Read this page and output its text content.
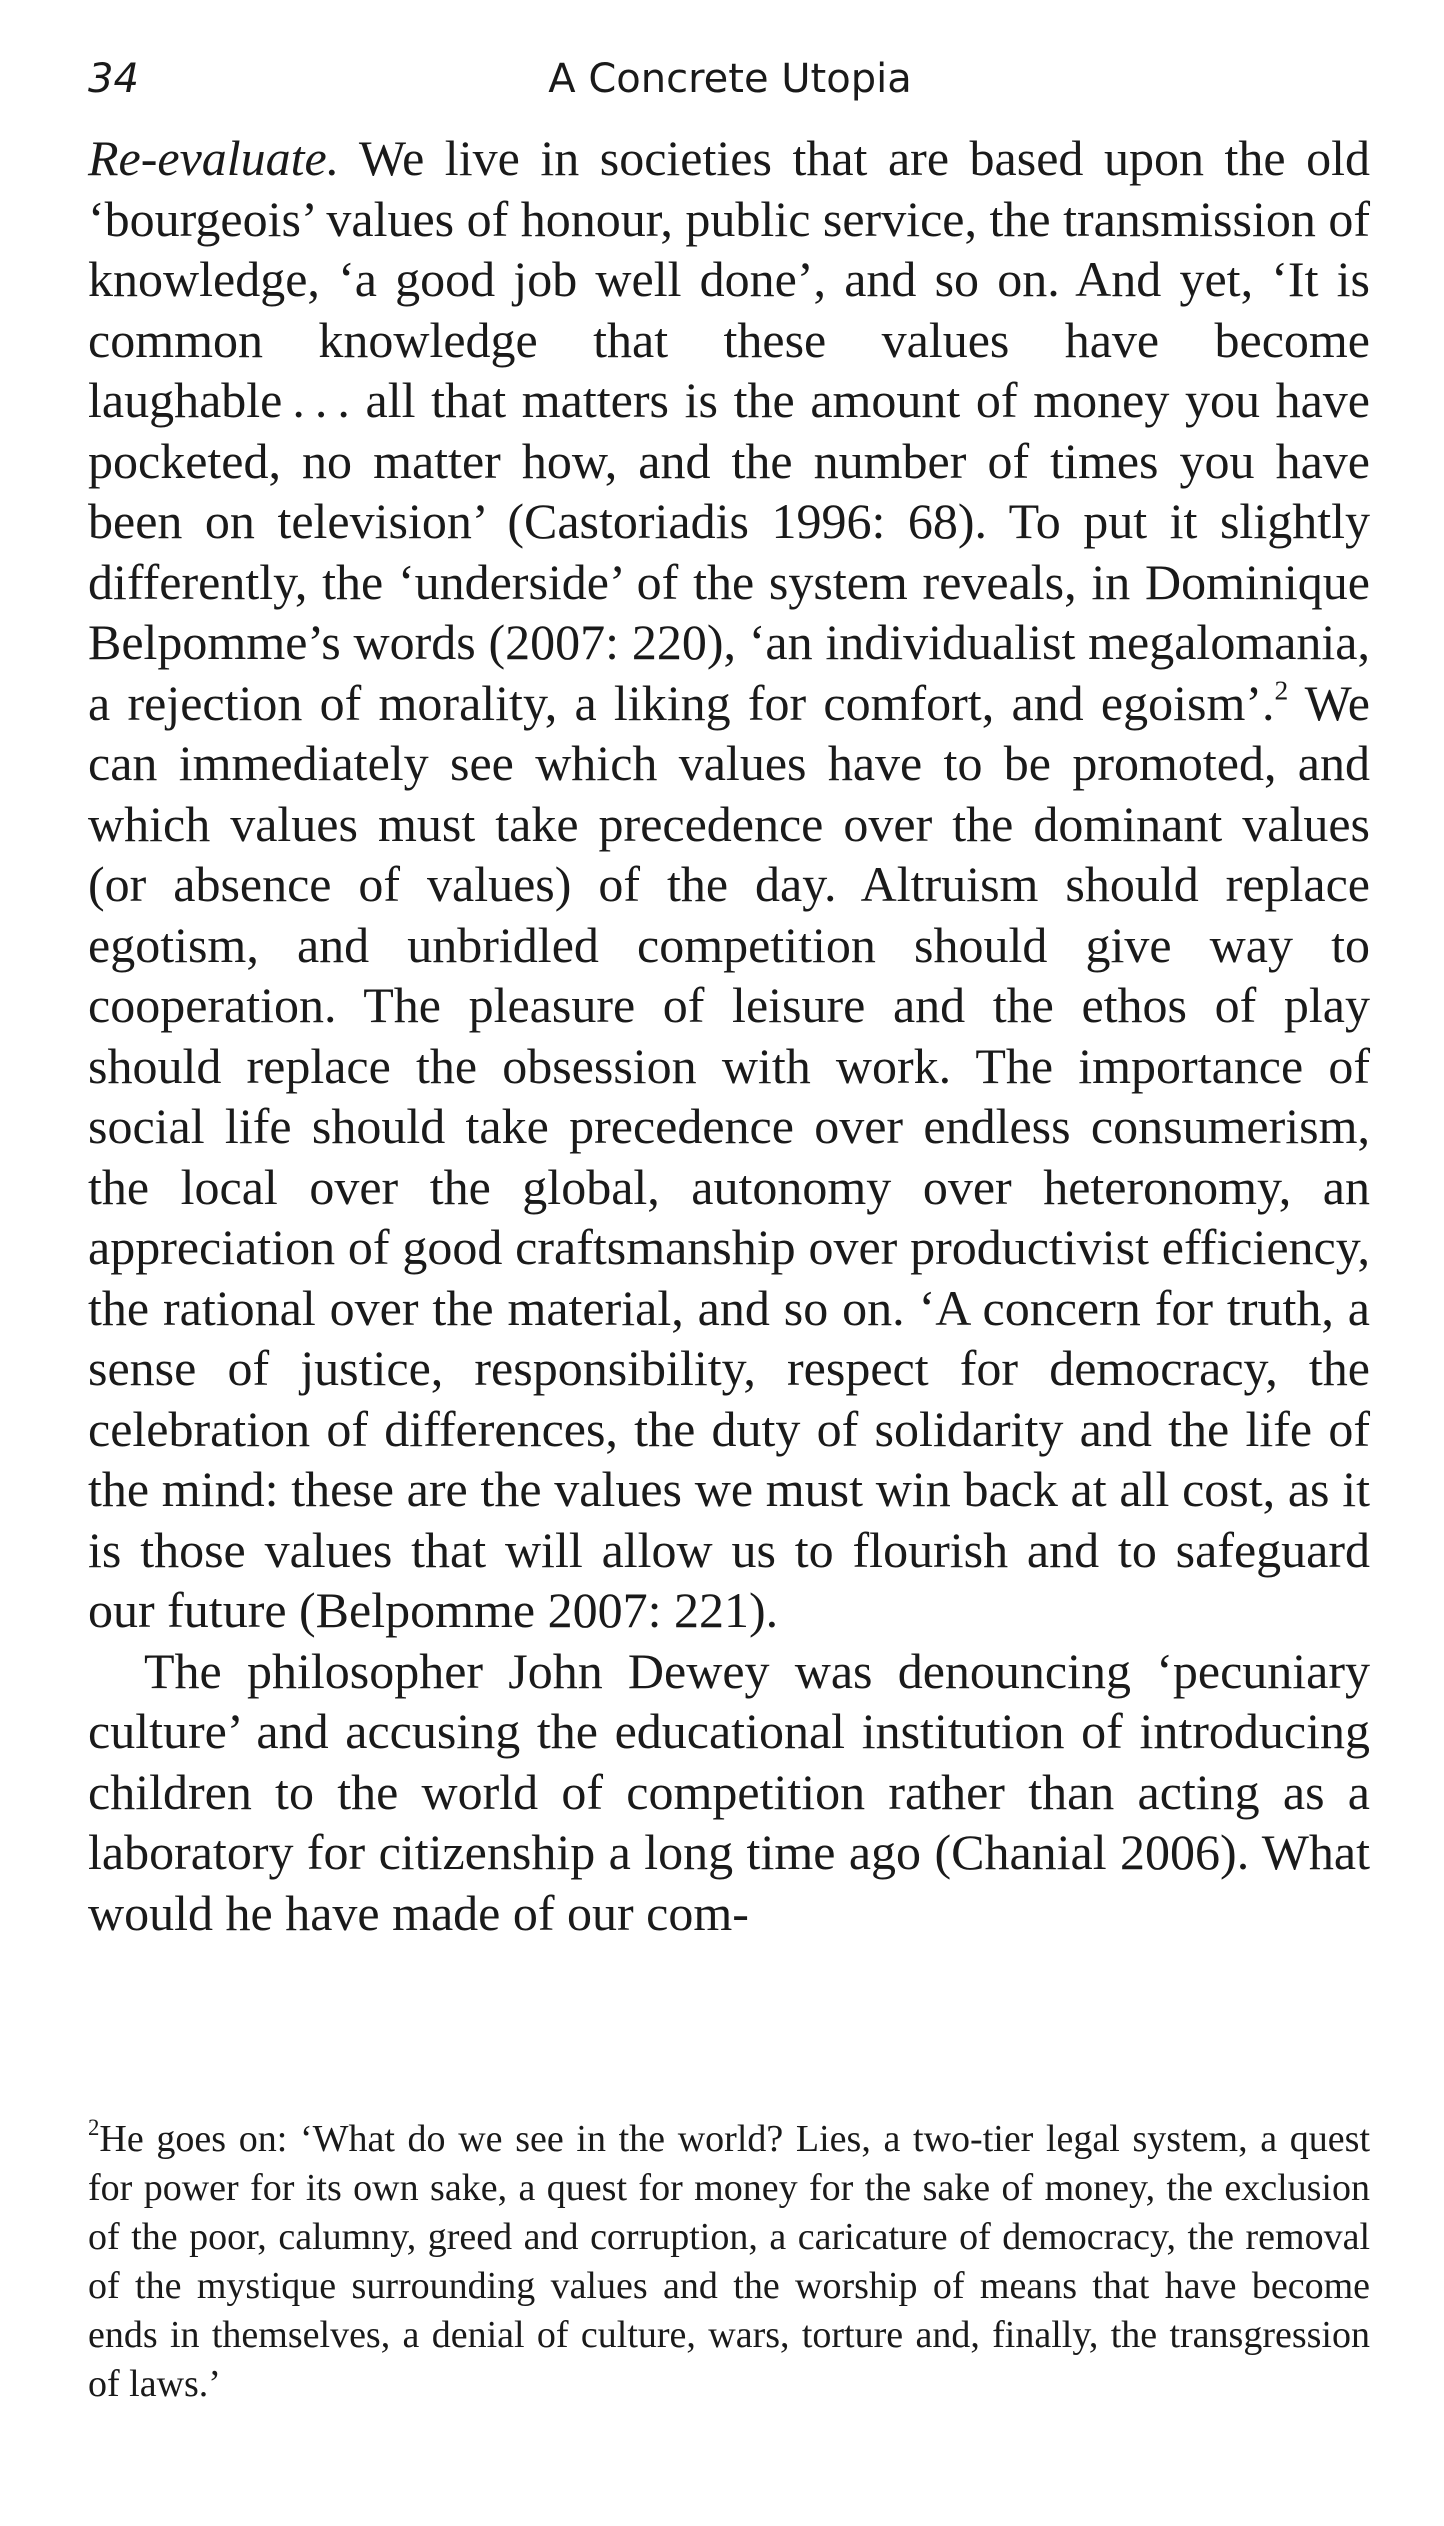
34	A Concrete Utopia

Re-evaluate. We live in societies that are based upon the old ‘bourgeois’ values of honour, public service, the transmission of knowledge, ‘a good job well done’, and so on. And yet, ‘It is common knowledge that these values have become laughable . . . all that matters is the amount of money you have pocketed, no matter how, and the number of times you have been on television’ (Castoriadis 1996: 68). To put it slightly differently, the ‘underside’ of the system reveals, in Dominique Belpomme’s words (2007: 220), ‘an individualist megalomania, a rejection of morality, a liking for comfort, and egoism’.$^2$ We can immediately see which values have to be promoted, and which values must take precedence over the dominant values (or absence of values) of the day. Altruism should replace egotism, and unbridled competition should give way to cooperation. The pleasure of leisure and the ethos of play should replace the obsession with work. The importance of social life should take precedence over endless consumerism, the local over the global, autonomy over heteronomy, an appreciation of good craftsmanship over productivist efficiency, the rational over the material, and so on. ‘A concern for truth, a sense of justice, responsibility, respect for democracy, the celebration of differences, the duty of solidarity and the life of the mind: these are the values we must win back at all cost, as it is those values that will allow us to flourish and to safeguard our future (Belpomme 2007: 221).

The philosopher John Dewey was denouncing ‘pecuniary culture’ and accusing the educational institution of introducing children to the world of competition rather than acting as a laboratory for citizenship a long time ago (Chanial 2006). What would he have made of our com-

$^2$He goes on: ‘What do we see in the world? Lies, a two-tier legal system, a quest for power for its own sake, a quest for money for the sake of money, the exclusion of the poor, calumny, greed and corruption, a caricature of democracy, the removal of the mystique surrounding values and the worship of means that have become ends in themselves, a denial of culture, wars, torture and, finally, the transgression of laws.’
